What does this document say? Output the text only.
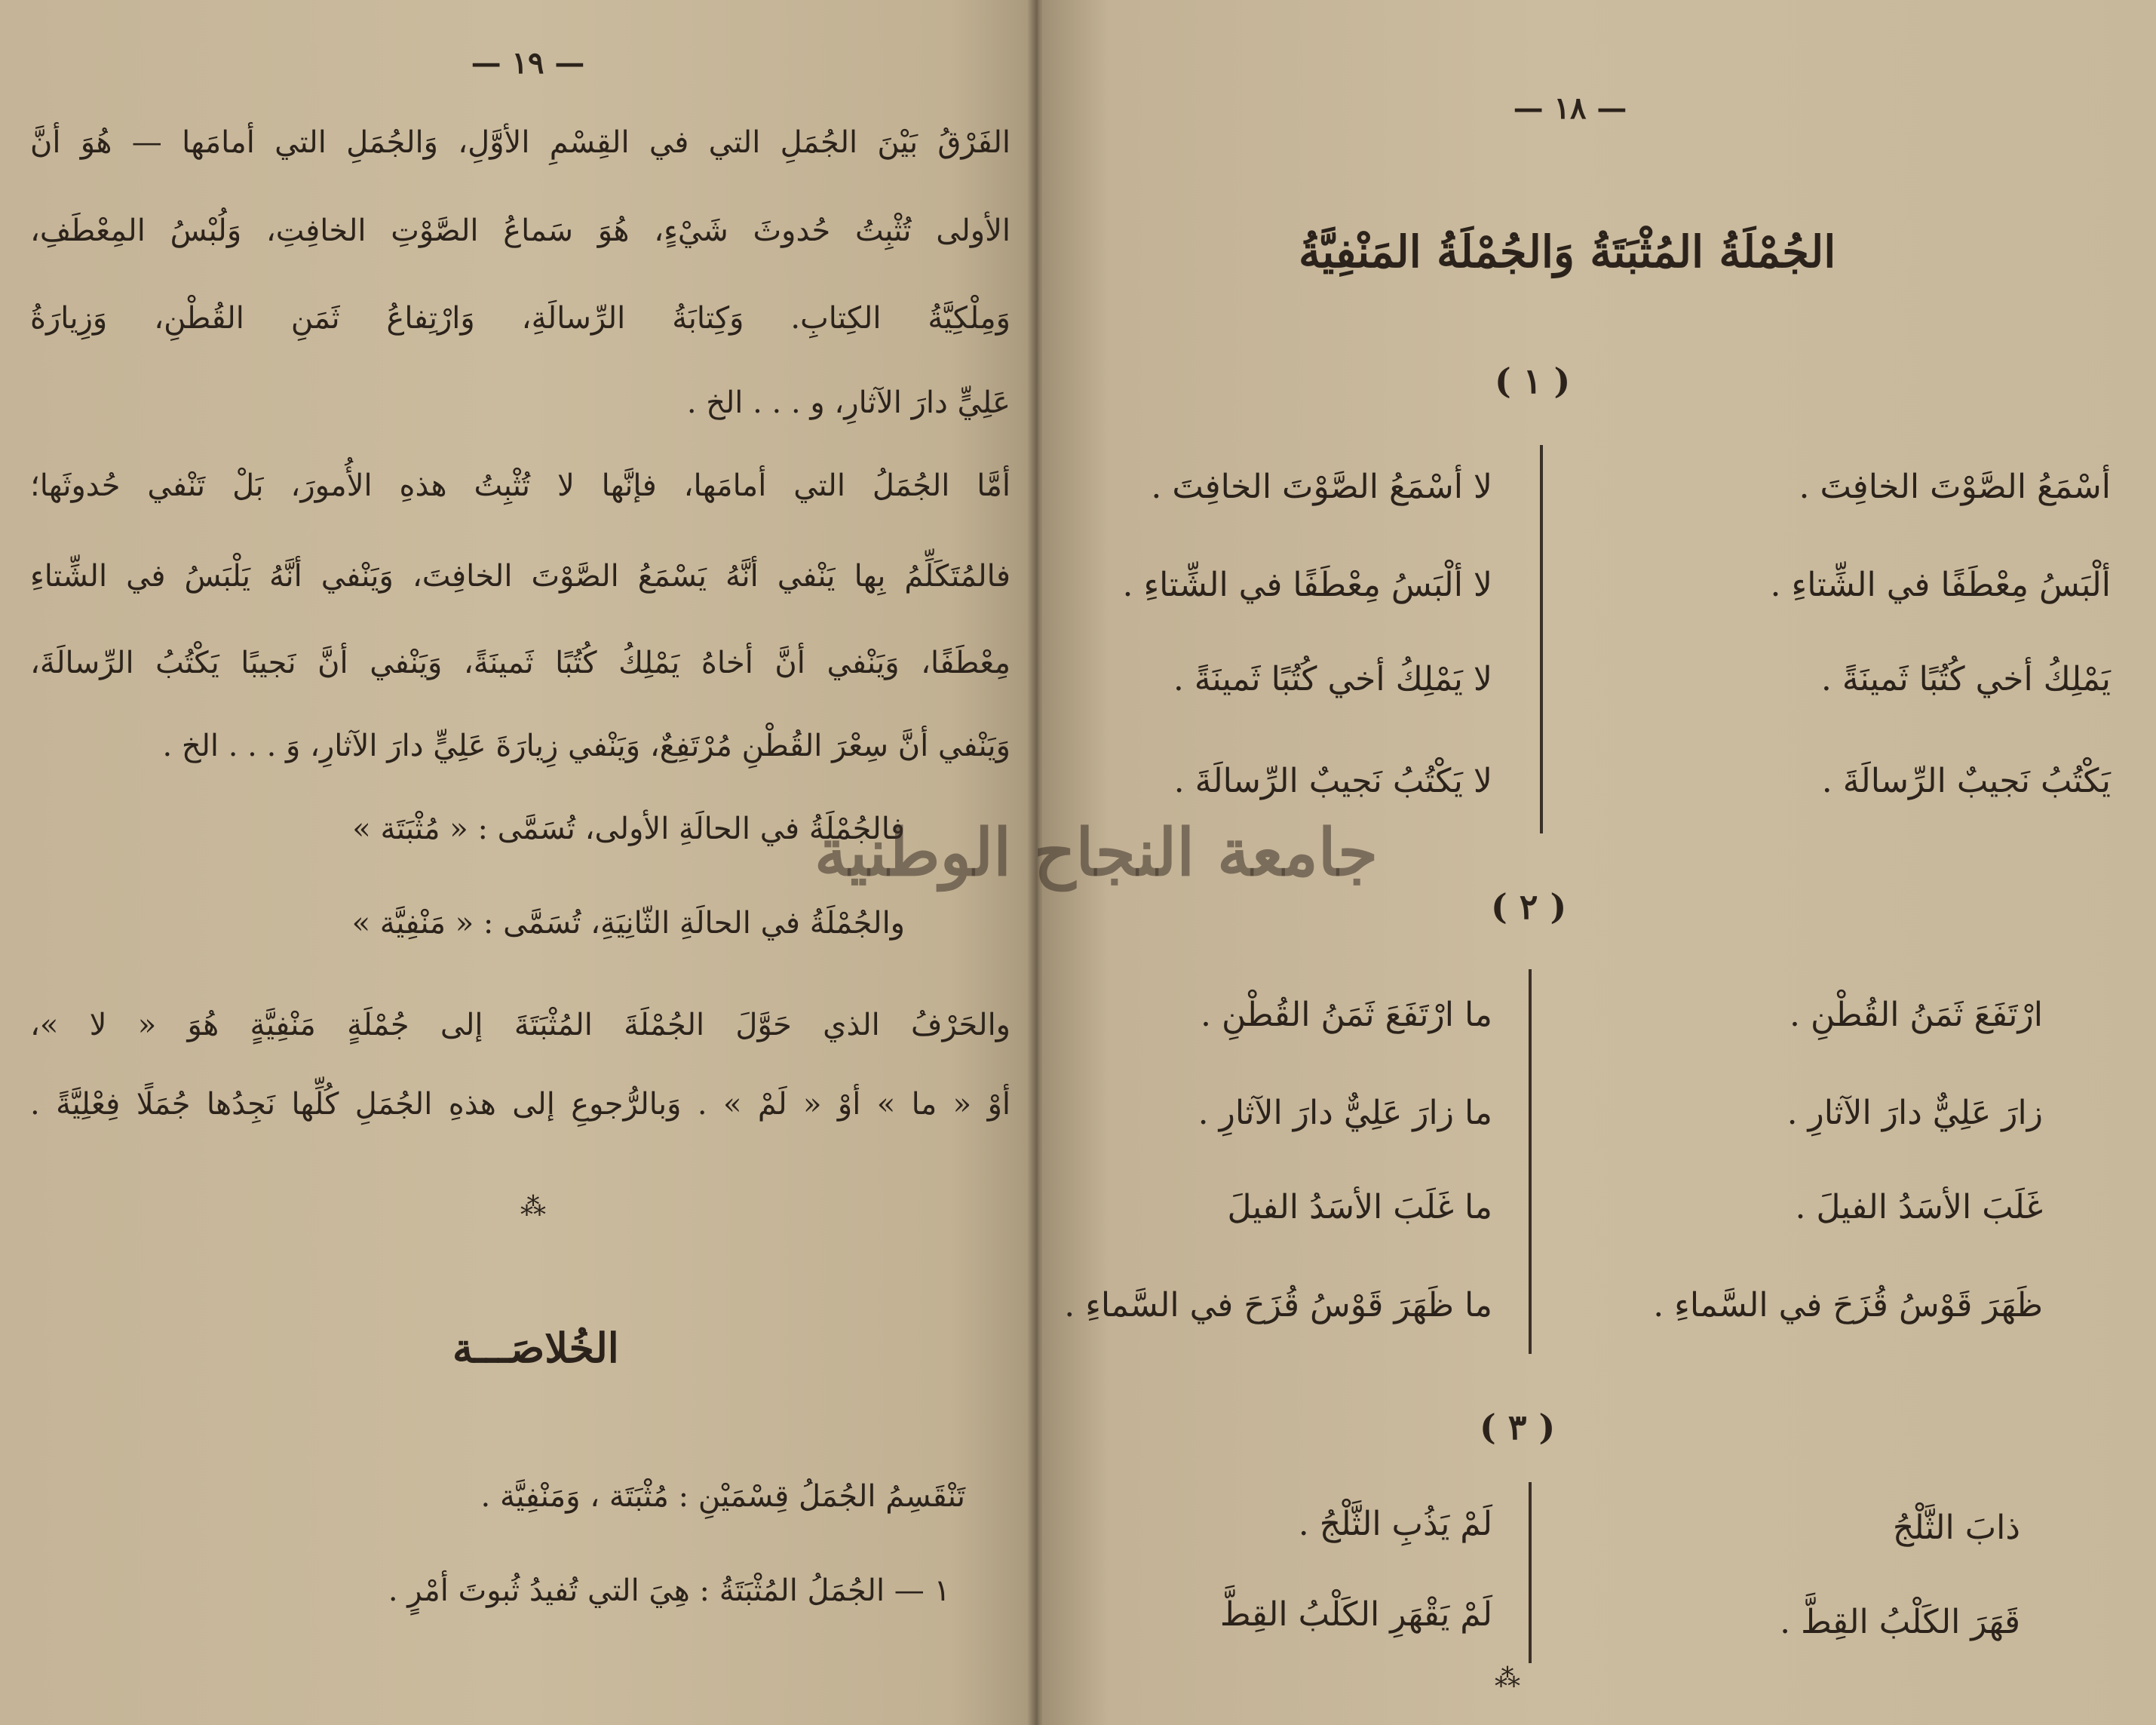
— ١٩ —
الفَرْقُ بَيْنَ الجُمَلِ التي في القِسْمِ الأوَّلِ، وَالجُمَلِ التي أمامَها — هُوَ أنَّ
الأولى تُثْبِتُ حُدوثَ شَيْءٍ، هُوَ سَماعُ الصَّوْتِ الخافِتِ، وَلُبْسُ المِعْطَفِ،
وَمِلْكِيَّةُ الكِتابِ. وَكِتابَةُ الرِّسالَةِ، وَارْتِفاعُ ثَمَنِ القُطْنِ، وَزِيارَةُ
عَلِيٍّ دارَ الآثارِ، و . . . الخ .
أمَّا الجُمَلُ التي أمامَها، فإنَّها لا تُثْبِتُ هذهِ الأُمورَ، بَلْ تَنْفي حُدوثَها؛
فالمُتَكَلِّمُ بِها يَنْفي أنَّهُ يَسْمَعُ الصَّوْتَ الخافِتَ، وَيَنْفي أنَّهُ يَلْبَسُ في الشِّتاءِ
مِعْطَفًا، وَيَنْفي أنَّ أخاهُ يَمْلِكُ كُتُبًا ثَمينَةً، وَيَنْفي أنَّ نَجيبًا يَكْتُبُ الرِّسالَةَ،
وَيَنْفي أنَّ سِعْرَ القُطْنِ مُرْتَفِعٌ، وَيَنْفي زِيارَةَ عَلِيٍّ دارَ الآثارِ، وَ . . . الخ .
فالجُمْلَةُ في الحالَةِ الأولى، تُسَمَّى : « مُثْبَتَة »
والجُمْلَةُ في الحالَةِ الثّانِيَةِ، تُسَمَّى : « مَنْفِيَّة »
والحَرْفُ الذي حَوَّلَ الجُمْلَةَ المُثْبَتَةَ إلى جُمْلَةٍ مَنْفِيَّةٍ هُوَ « لا »،
أوْ « ما » أوْ « لَمْ » . وَبالرُّجوعِ إلى هذهِ الجُمَلِ كُلِّها نَجِدُها جُمَلًا فِعْلِيَّةً .
⁂
الخُلاصَـــة
تَنْقَسِمُ الجُمَلُ قِسْمَيْنِ : مُثْبَتَة ، وَمَنْفِيَّة .
١ — الجُمَلُ المُثْبَتَةُ : هِيَ التي تُفيدُ ثُبوتَ أمْرٍ .
— ١٨ —
الجُمْلَةُ المُثْبَتَةُ وَالجُمْلَةُ المَنْفِيَّةُ
( ١ )
أسْمَعُ الصَّوْتَ الخافِتَ .
ألْبَسُ مِعْطَفًا في الشِّتاءِ .
يَمْلِكُ أخي كُتُبًا ثَمينَةً .
يَكْتُبُ نَجيبٌ الرِّسالَةَ .
لا أسْمَعُ الصَّوْتَ الخافِتَ .
لا ألْبَسُ مِعْطَفًا في الشِّتاءِ .
لا يَمْلِكُ أخي كُتُبًا ثَمينَةً .
لا يَكْتُبُ نَجيبٌ الرِّسالَةَ .
( ٢ )
ارْتَفَعَ ثَمَنُ القُطْنِ .
زارَ عَلِيٌّ دارَ الآثارِ .
غَلَبَ الأسَدُ الفيلَ .
ظَهَرَ قَوْسُ قُزَحَ في السَّماءِ .
ما ارْتَفَعَ ثَمَنُ القُطْنِ .
ما زارَ عَلِيٌّ دارَ الآثارِ .
ما غَلَبَ الأسَدُ الفيلَ
ما ظَهَرَ قَوْسُ قُزَحَ في السَّماءِ .
( ٣ )
ذابَ الثَّلْجُ
قَهَرَ الكَلْبُ القِطَّ .
لَمْ يَذُبِ الثَّلْجُ .
لَمْ يَقْهَرِ الكَلْبُ القِطَّ
⁂
جامعة النجاح الوطنية
